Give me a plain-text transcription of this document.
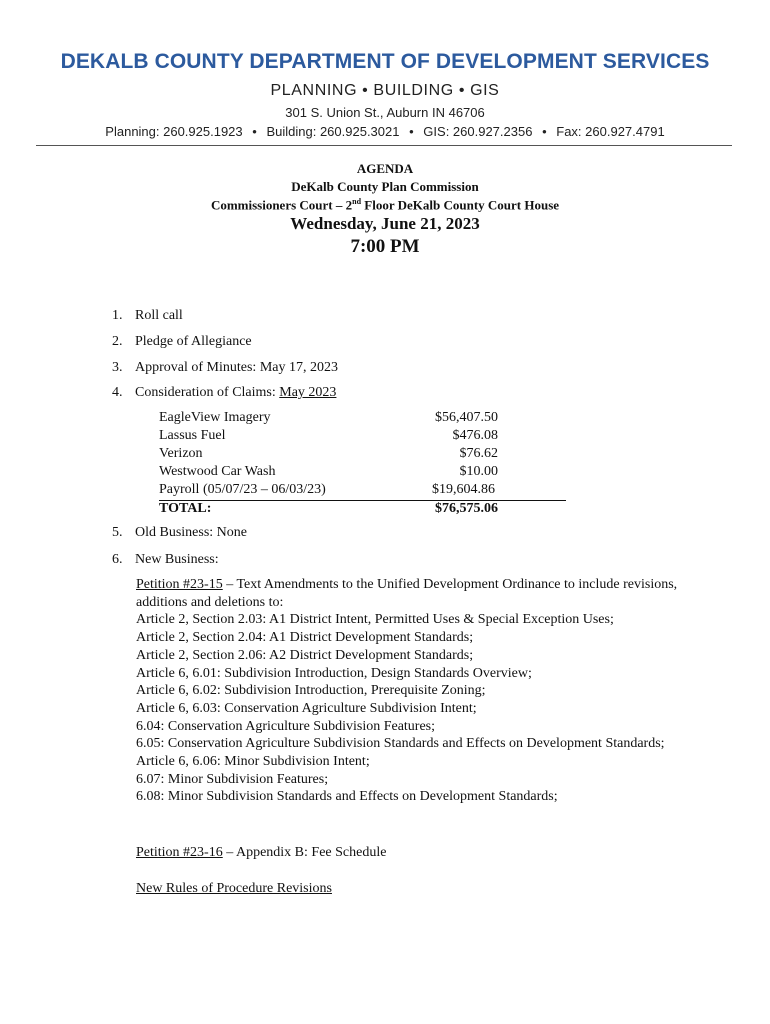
DEKALB COUNTY DEPARTMENT OF DEVELOPMENT SERVICES
PLANNING • BUILDING • GIS
301 S. Union St., Auburn IN 46706
Planning: 260.925.1923 • Building: 260.925.3021 • GIS: 260.927.2356 • Fax: 260.927.4791
AGENDA
DeKalb County Plan Commission
Commissioners Court – 2nd Floor DeKalb County Court House
Wednesday, June 21, 2023
7:00 PM
1. Roll call
2. Pledge of Allegiance
3. Approval of Minutes: May 17, 2023
4. Consideration of Claims: May 2023
EagleView Imagery	$56,407.50
Lassus Fuel	$476.08
Verizon	$76.62
Westwood Car Wash	$10.00
Payroll (05/07/23 – 06/03/23)	$19,604.86
TOTAL:	$76,575.06
5. Old Business: None
6. New Business:

Petition #23-15 – Text Amendments to the Unified Development Ordinance to include revisions, additions and deletions to:

Article 2, Section 2.03: A1 District Intent, Permitted Uses & Special Exception Uses;

Article 2, Section 2.04: A1 District Development Standards;

Article 2, Section 2.06: A2 District Development Standards;

Article 6, 6.01: Subdivision Introduction, Design Standards Overview;

Article 6, 6.02: Subdivision Introduction, Prerequisite Zoning;

Article 6, 6.03: Conservation Agriculture Subdivision Intent;

6.04: Conservation Agriculture Subdivision Features;

6.05: Conservation Agriculture Subdivision Standards and Effects on Development Standards;

Article 6, 6.06: Minor Subdivision Intent;

6.07: Minor Subdivision Features;

6.08: Minor Subdivision Standards and Effects on Development Standards;

Petition #23-16 – Appendix B: Fee Schedule
New Rules of Procedure Revisions
